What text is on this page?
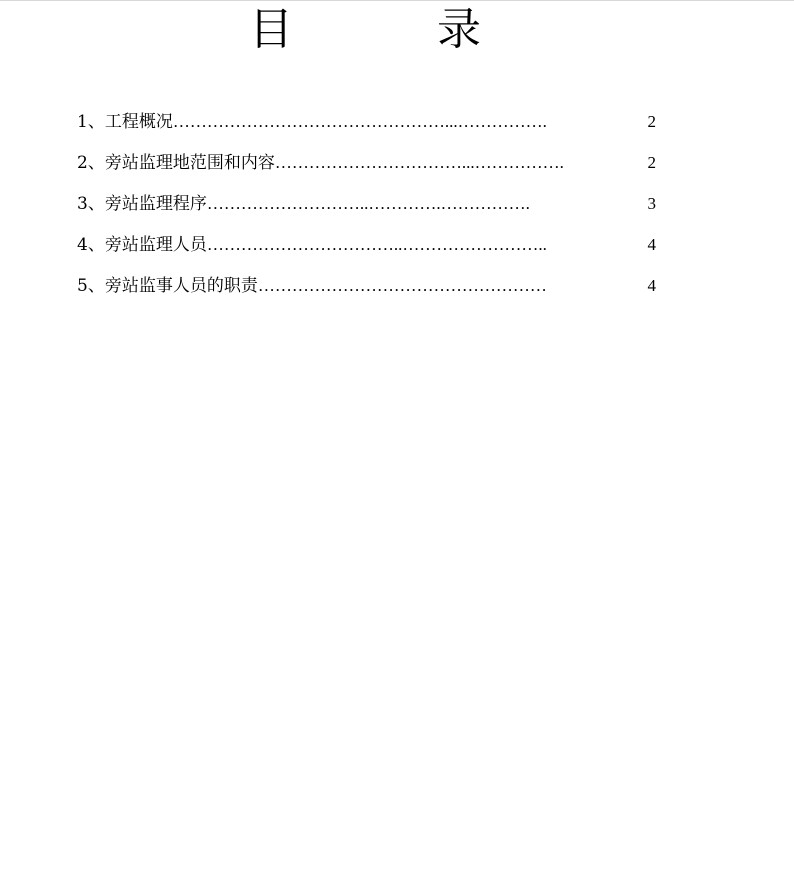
目	录
1、工程概况 …………………………………………...…………….	2
2、旁站监理地范围和内容 ……………………………...…………….	2
3、旁站监理程序 ………………………..………….…………….	3
4、旁站监理人员 ……………………………..……………………..	4
5、旁站监事人员的职责 ……………………………………………	4
